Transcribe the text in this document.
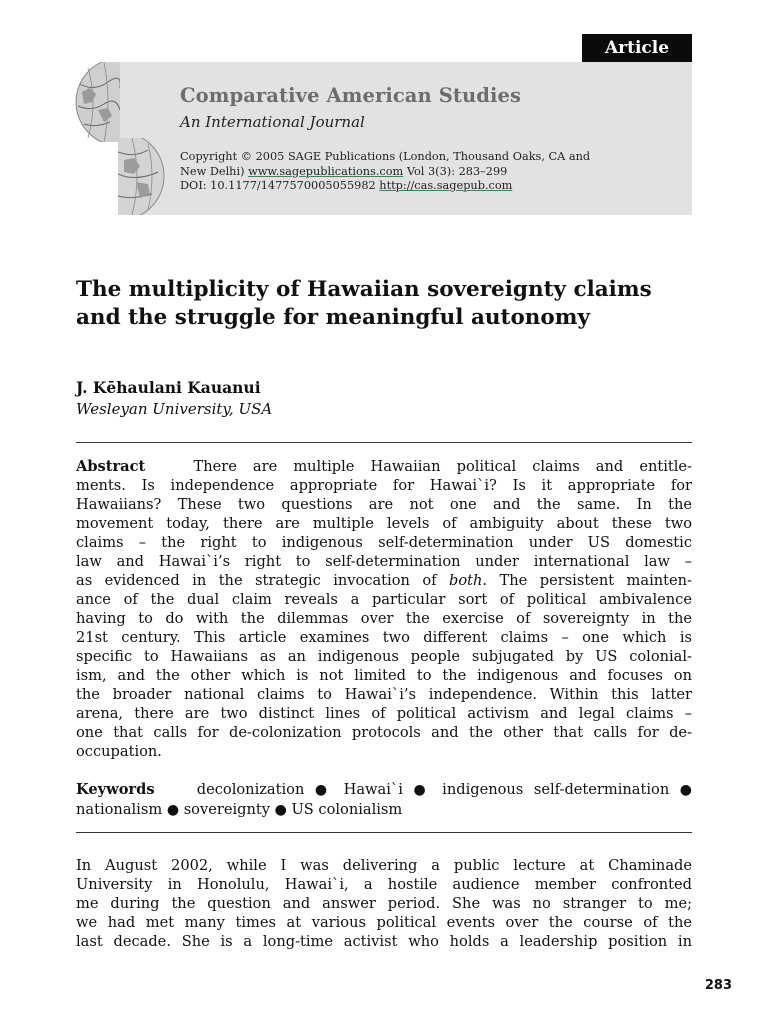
Article
Comparative American Studies
An International Journal
Copyright © 2005 SAGE Publications (London, Thousand Oaks, CA and
New Delhi) www.sagepublications.com Vol 3(3): 283–299
DOI: 10.1177/1477570005055982 http://cas.sagepub.com
The multiplicity of Hawaiian sovereignty claims and the struggle for meaningful autonomy
J. Kēhaulani Kauanui
Wesleyan University, USA
Abstract	There are multiple Hawaiian political claims and entitle-
ments. Is independence appropriate for Hawai`i? Is it appropriate for
Hawaiians? These two questions are not one and the same. In the
movement today, there are multiple levels of ambiguity about these two
claims – the right to indigenous self-determination under US domestic
law and Hawai`i’s right to self-determination under international law –
as evidenced in the strategic invocation of both. The persistent mainten-
ance of the dual claim reveals a particular sort of political ambivalence
having to do with the dilemmas over the exercise of sovereignty in the
21st century. This article examines two different claims – one which is
specific to Hawaiians as an indigenous people subjugated by US colonial-
ism, and the other which is not limited to the indigenous and focuses on
the broader national claims to Hawai`i’s independence. Within this latter
arena, there are two distinct lines of political activism and legal claims –
one that calls for de-colonization protocols and the other that calls for de-
occupation.
Keywords	decolonization ● Hawai`i ● indigenous self-determination ●
nationalism ● sovereignty ● US colonialism
In August 2002, while I was delivering a public lecture at Chaminade
University in Honolulu, Hawai`i, a hostile audience member confronted
me during the question and answer period. She was no stranger to me;
we had met many times at various political events over the course of the
last decade. She is a long-time activist who holds a leadership position in
283
